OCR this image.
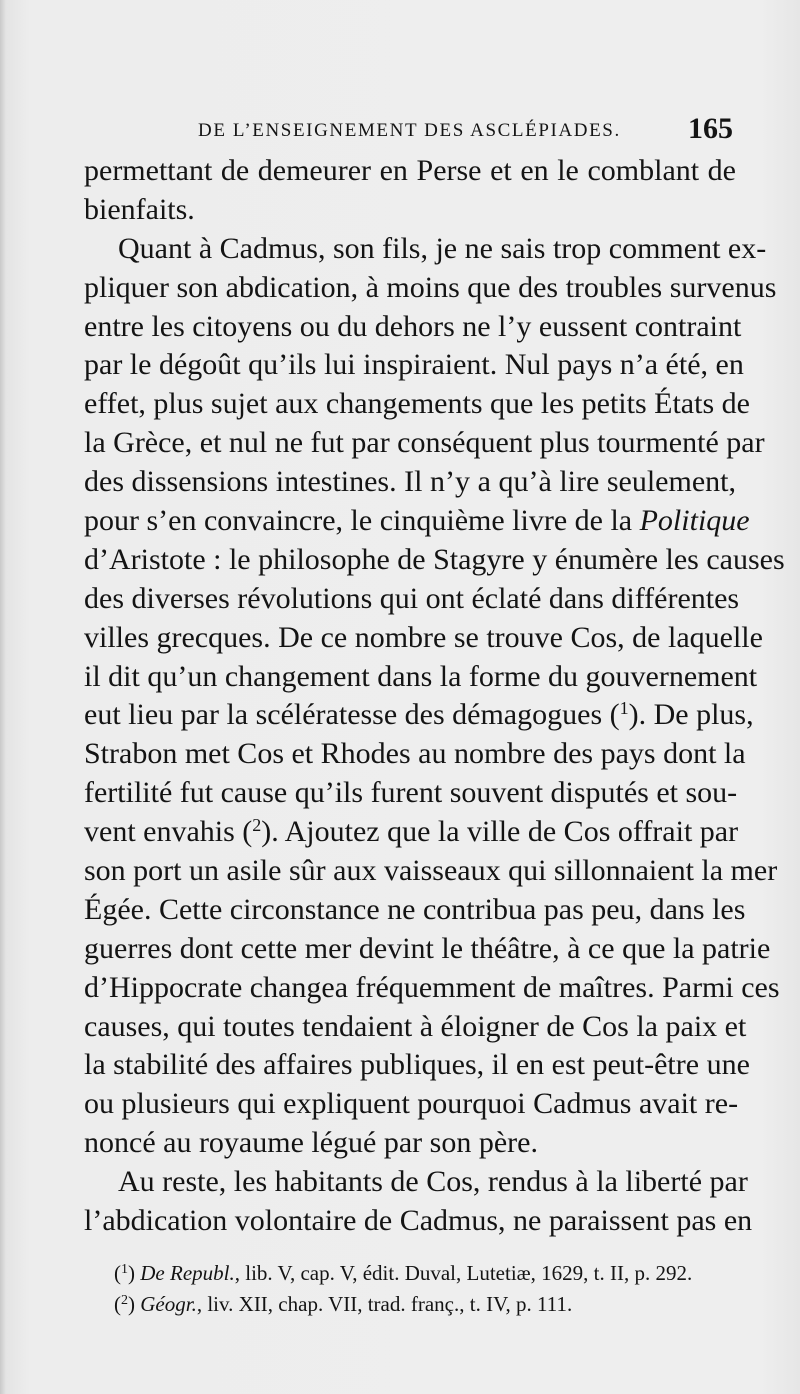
DE L’ENSEIGNEMENT DES ASCLÉPIADES. 165
permettant de demeurer en Perse et en le comblant de
bienfaits.
Quant à Cadmus, son fils, je ne sais trop comment ex-
pliquer son abdication, à moins que des troubles survenus
entre les citoyens ou du dehors ne l’y eussent contraint
par le dégoût qu’ils lui inspiraient. Nul pays n’a été, en
effet, plus sujet aux changements que les petits États de
la Grèce, et nul ne fut par conséquent plus tourmenté par
des dissensions intestines. Il n’y a qu’à lire seulement,
pour s’en convaincre, le cinquième livre de la Politique
d’Aristote : le philosophe de Stagyre y énumère les causes
des diverses révolutions qui ont éclaté dans différentes
villes grecques. De ce nombre se trouve Cos, de laquelle
il dit qu’un changement dans la forme du gouvernement
eut lieu par la scélératesse des démagogues ($^1$). De plus,
Strabon met Cos et Rhodes au nombre des pays dont la
fertilité fut cause qu’ils furent souvent disputés et sou-
vent envahis ($^2$). Ajoutez que la ville de Cos offrait par
son port un asile sûr aux vaisseaux qui sillonnaient la mer
Égée. Cette circonstance ne contribua pas peu, dans les
guerres dont cette mer devint le théâtre, à ce que la patrie
d’Hippocrate changea fréquemment de maîtres. Parmi ces
causes, qui toutes tendaient à éloigner de Cos la paix et
la stabilité des affaires publiques, il en est peut-être une
ou plusieurs qui expliquent pourquoi Cadmus avait re-
noncé au royaume légué par son père.
Au reste, les habitants de Cos, rendus à la liberté par
l’abdication volontaire de Cadmus, ne paraissent pas en
($^1$) De Republ., lib. V, cap. V, édit. Duval, Lutetiæ, 1629, t. II, p. 292.
($^2$) Géogr., liv. XII, chap. VII, trad. franç., t. IV, p. 111.
